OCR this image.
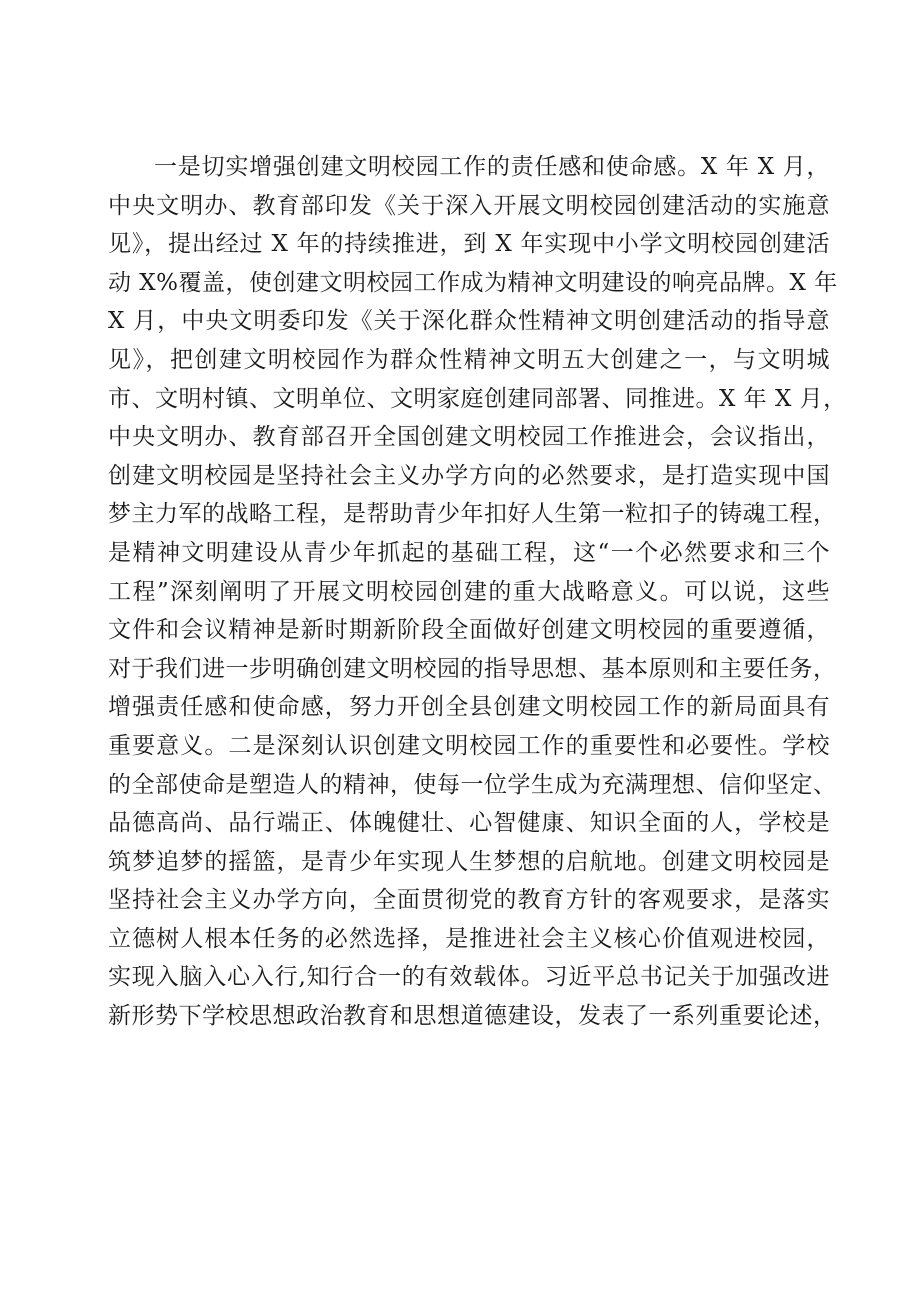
一是切实增强创建文明校园工作的责任感和使命感。X 年 X 月，
中央文明办、教育部印发《关于深入开展文明校园创建活动的实施意
见》，提出经过 X 年的持续推进，到 X 年实现中小学文明校园创建活
动 X%覆盖，使创建文明校园工作成为精神文明建设的响亮品牌。X 年
X 月，中央文明委印发《关于深化群众性精神文明创建活动的指导意
见》，把创建文明校园作为群众性精神文明五大创建之一，与文明城
市、文明村镇、文明单位、文明家庭创建同部署、同推进。X 年 X 月，
中央文明办、教育部召开全国创建文明校园工作推进会，会议指出，
创建文明校园是坚持社会主义办学方向的必然要求，是打造实现中国
梦主力军的战略工程，是帮助青少年扣好人生第一粒扣子的铸魂工程，
是精神文明建设从青少年抓起的基础工程，这“一个必然要求和三个
工程”深刻阐明了开展文明校园创建的重大战略意义。可以说，这些
文件和会议精神是新时期新阶段全面做好创建文明校园的重要遵循，
对于我们进一步明确创建文明校园的指导思想、基本原则和主要任务，
增强责任感和使命感，努力开创全县创建文明校园工作的新局面具有
重要意义。二是深刻认识创建文明校园工作的重要性和必要性。学校
的全部使命是塑造人的精神，使每一位学生成为充满理想、信仰坚定、
品德高尚、品行端正、体魄健壮、心智健康、知识全面的人，学校是
筑梦追梦的摇篮，是青少年实现人生梦想的启航地。创建文明校园是
坚持社会主义办学方向，全面贯彻党的教育方针的客观要求，是落实
立德树人根本任务的必然选择，是推进社会主义核心价值观进校园，
实现入脑入心入行,知行合一的有效载体。习近平总书记关于加强改进
新形势下学校思想政治教育和思想道德建设，发表了一系列重要论述，
